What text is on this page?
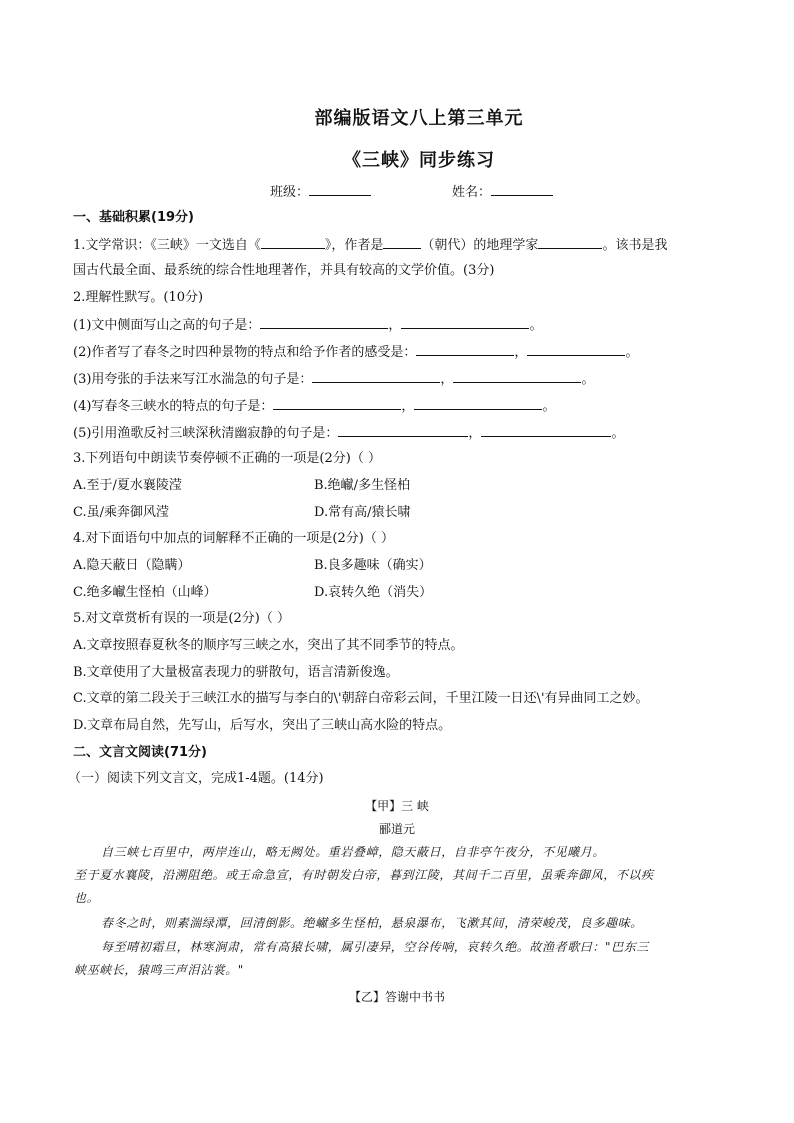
部编版语文八上第三单元
《三峡》同步练习
班级：	姓名：
一、基础积累(19分)
1.文学常识：《三峡》一文选自《	》，作者是	（朝代）的地理学家	。该书是我
国古代最全面、最系统的综合性地理著作，并具有较高的文学价值。(3分)
2.理解性默写。(10分)
(1)文中侧面写山之高的句子是：	，	。
(2)作者写了春冬之时四种景物的特点和给予作者的感受是：	，	。
(3)用夸张的手法来写江水湍急的句子是：	，	。
(4)写春冬三峡水的特点的句子是：	，	。
(5)引用渔歌反衬三峡深秋清幽寂静的句子是：	，	。
3.下列语句中朗读节奏停顿不正确的一项是(2分)（ ）
A.至于/夏水襄陵滢	B.绝𪩘/多生怪柏
C.虽/乘奔御风滢	D.常有高/猿长啸
4.对下面语句中加点的词解释不正确的一项是(2分)（ ）
A.隐天蔽日（隐瞒）	B.良多趣味（确实）
C.绝多𪩘生怪柏（山峰）	D.哀转久绝（消失）
5.对文章赏析有误的一项是(2分)（ ）
A.文章按照春夏秋冬的顺序写三峡之水，突出了其不同季节的特点。
B.文章使用了大量极富表现力的骈散句，语言清新俊逸。
C.文章的第二段关于三峡江水的描写与李白的\'朝辞白帝彩云间，千里江陵一日还\'有异曲同工之妙。
D.文章布局自然，先写山，后写水，突出了三峡山高水险的特点。
二、文言文阅读(71分)
（一）阅读下列文言文，完成1-4题。(14分)
【甲】三 峡
郦道元
自三峡七百里中，两岸连山，略无阙处。重岩叠嶂，隐天蔽日，自非亭午夜分，不见曦月。
至于夏水襄陵，沿溯阻绝。或王命急宣，有时朝发白帝，暮到江陵，其间千二百里，虽乘奔御风，不以疾
也。
春冬之时，则素湍绿潭，回清倒影。绝𪩘多生怪柏，悬泉瀑布，飞漱其间，清荣峻茂，良多趣味。
每至晴初霜旦，林寒涧肃，常有高猿长啸，属引凄异，空谷传响，哀转久绝。故渔者歌曰："巴东三
峡巫峡长，猿鸣三声泪沾裳。"
【乙】答谢中书书
